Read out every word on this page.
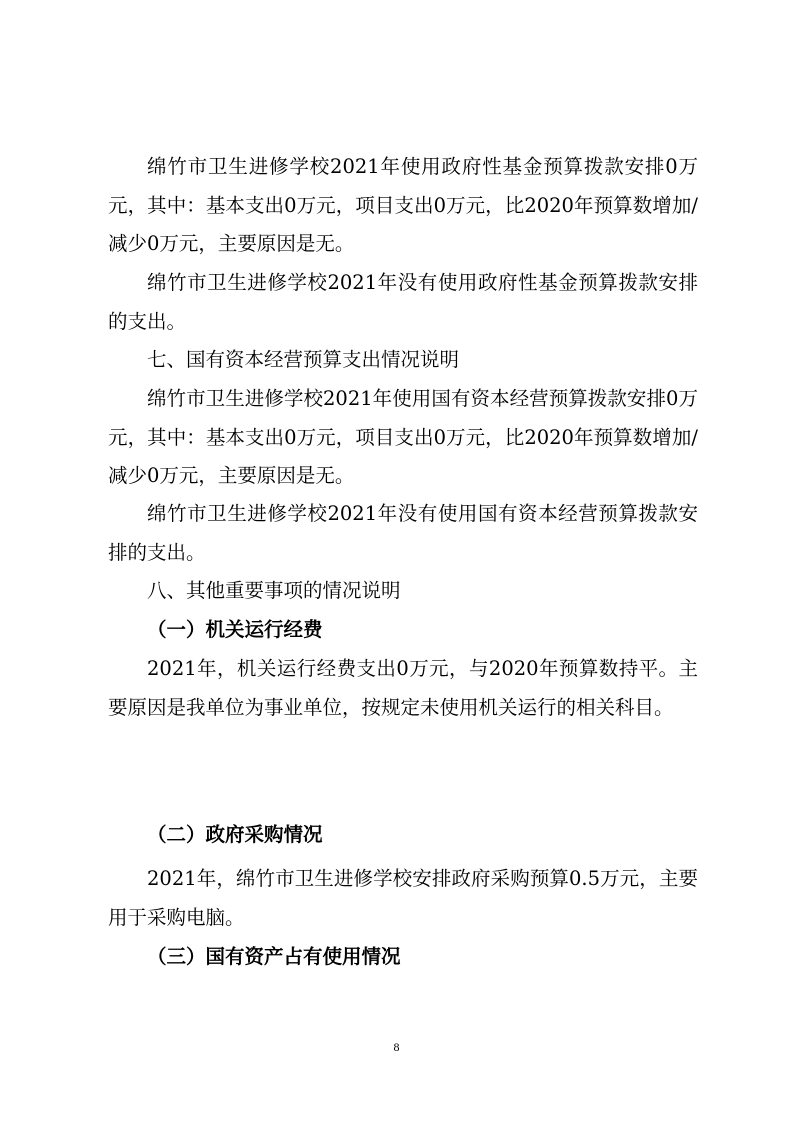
绵竹市卫生进修学校2021年使用政府性基金预算拨款安排0万元，其中：基本支出0万元，项目支出0万元，比2020年预算数增加/减少0万元，主要原因是无。

绵竹市卫生进修学校2021年没有使用政府性基金预算拨款安排的支出。

七、国有资本经营预算支出情况说明

绵竹市卫生进修学校2021年使用国有资本经营预算拨款安排0万元，其中：基本支出0万元，项目支出0万元，比2020年预算数增加/减少0万元，主要原因是无。

绵竹市卫生进修学校2021年没有使用国有资本经营预算拨款安排的支出。

八、其他重要事项的情况说明

（一）机关运行经费

2021年，机关运行经费支出0万元，与2020年预算数持平。主要原因是我单位为事业单位，按规定未使用机关运行的相关科目。

（二）政府采购情况

2021年，绵竹市卫生进修学校安排政府采购预算0.5万元，主要用于采购电脑。

（三）国有资产占有使用情况

8
